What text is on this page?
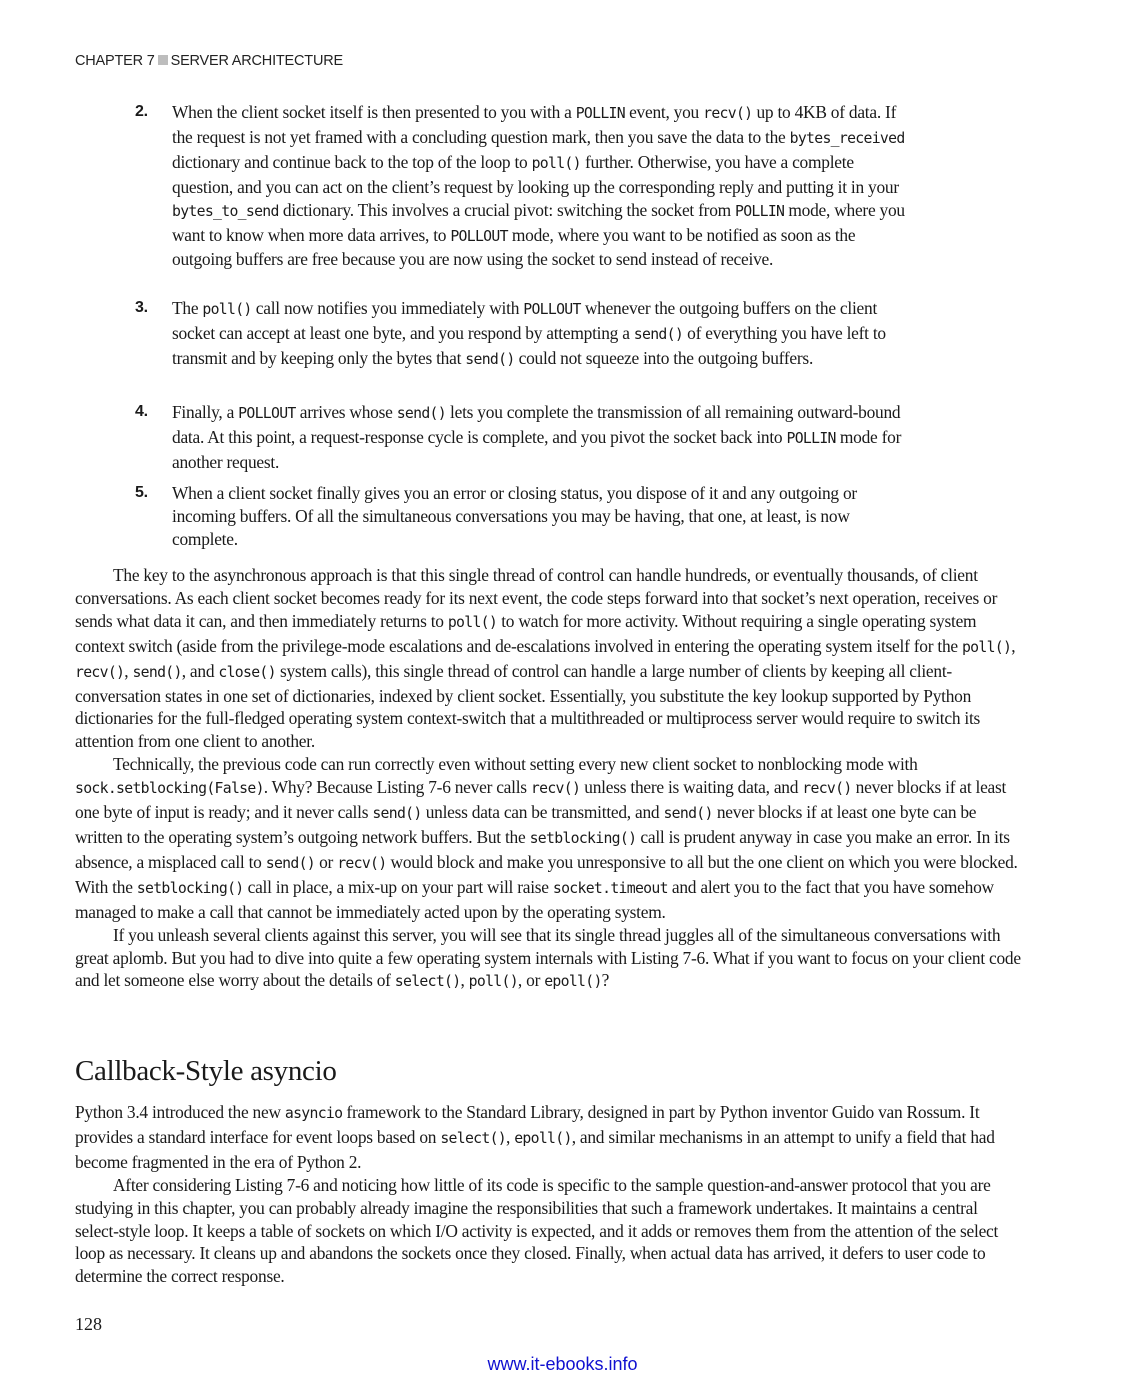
CHAPTER 7 SERVER ARCHITECTURE
2. When the client socket itself is then presented to you with a POLLIN event, you recv() up to 4KB of data. If the request is not yet framed with a concluding question mark, then you save the data to the bytes_received dictionary and continue back to the top of the loop to poll() further. Otherwise, you have a complete question, and you can act on the client’s request by looking up the corresponding reply and putting it in your bytes_to_send dictionary. This involves a crucial pivot: switching the socket from POLLIN mode, where you want to know when more data arrives, to POLLOUT mode, where you want to be notified as soon as the outgoing buffers are free because you are now using the socket to send instead of receive.
3. The poll() call now notifies you immediately with POLLOUT whenever the outgoing buffers on the client socket can accept at least one byte, and you respond by attempting a send() of everything you have left to transmit and by keeping only the bytes that send() could not squeeze into the outgoing buffers.
4. Finally, a POLLOUT arrives whose send() lets you complete the transmission of all remaining outward-bound data. At this point, a request-response cycle is complete, and you pivot the socket back into POLLIN mode for another request.
5. When a client socket finally gives you an error or closing status, you dispose of it and any outgoing or incoming buffers. Of all the simultaneous conversations you may be having, that one, at least, is now complete.

The key to the asynchronous approach is that this single thread of control can handle hundreds, or eventually thousands, of client conversations. As each client socket becomes ready for its next event, the code steps forward into that socket’s next operation, receives or sends what data it can, and then immediately returns to poll() to watch for more activity. Without requiring a single operating system context switch (aside from the privilege-mode escalations and de-escalations involved in entering the operating system itself for the poll(), recv(), send(), and close() system calls), this single thread of control can handle a large number of clients by keeping all client-conversation states in one set of dictionaries, indexed by client socket. Essentially, you substitute the key lookup supported by Python dictionaries for the full-fledged operating system context-switch that a multithreaded or multiprocess server would require to switch its attention from one client to another.

Technically, the previous code can run correctly even without setting every new client socket to nonblocking mode with sock.setblocking(False). Why? Because Listing 7-6 never calls recv() unless there is waiting data, and recv() never blocks if at least one byte of input is ready; and it never calls send() unless data can be transmitted, and send() never blocks if at least one byte can be written to the operating system’s outgoing network buffers. But the setblocking() call is prudent anyway in case you make an error. In its absence, a misplaced call to send() or recv() would block and make you unresponsive to all but the one client on which you were blocked. With the setblocking() call in place, a mix-up on your part will raise socket.timeout and alert you to the fact that you have somehow managed to make a call that cannot be immediately acted upon by the operating system.

If you unleash several clients against this server, you will see that its single thread juggles all of the simultaneous conversations with great aplomb. But you had to dive into quite a few operating system internals with Listing 7-6. What if you want to focus on your client code and let someone else worry about the details of select(), poll(), or epoll()?

Callback-Style asyncio

Python 3.4 introduced the new asyncio framework to the Standard Library, designed in part by Python inventor Guido van Rossum. It provides a standard interface for event loops based on select(), epoll(), and similar mechanisms in an attempt to unify a field that had become fragmented in the era of Python 2.

After considering Listing 7-6 and noticing how little of its code is specific to the sample question-and-answer protocol that you are studying in this chapter, you can probably already imagine the responsibilities that such a framework undertakes. It maintains a central select-style loop. It keeps a table of sockets on which I/O activity is expected, and it adds or removes them from the attention of the select loop as necessary. It cleans up and abandons the sockets once they closed. Finally, when actual data has arrived, it defers to user code to determine the correct response.

128
www.it-ebooks.info
